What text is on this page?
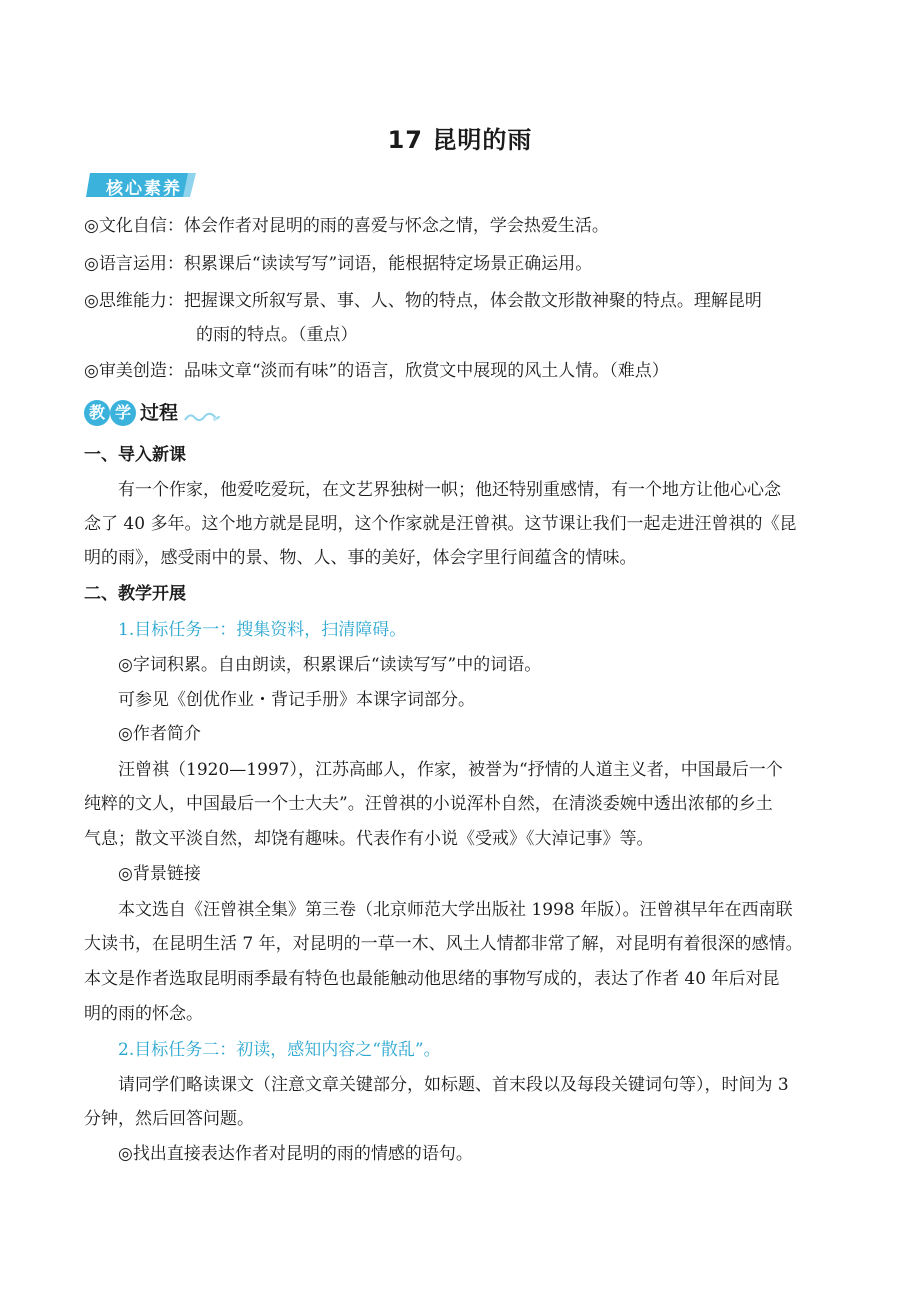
17 昆明的雨
核心素养
◎文化自信：体会作者对昆明的雨的喜爱与怀念之情，学会热爱生活。
◎语言运用：积累课后“读读写写”词语，能根据特定场景正确运用。
◎思维能力：把握课文所叙写景、事、人、物的特点，体会散文形散神聚的特点。理解昆明
的雨的特点。（重点）
◎审美创造：品味文章“淡而有味”的语言，欣赏文中展现的风土人情。（难点）
教 学 过程
一、导入新课
有一个作家，他爱吃爱玩，在文艺界独树一帜；他还特别重感情，有一个地方让他心心念
念了 40 多年。这个地方就是昆明，这个作家就是汪曾祺。这节课让我们一起走进汪曾祺的《昆
明的雨》，感受雨中的景、物、人、事的美好，体会字里行间蕴含的情味。
二、教学开展
1.目标任务一：搜集资料，扫清障碍。
◎字词积累。自由朗读，积累课后“读读写写”中的词语。
可参见《创优作业・背记手册》本课字词部分。
◎作者简介
汪曾祺（1920—1997），江苏高邮人，作家，被誉为“抒情的人道主义者，中国最后一个
纯粹的文人，中国最后一个士大夫”。汪曾祺的小说浑朴自然，在清淡委婉中透出浓郁的乡土
气息；散文平淡自然，却饶有趣味。代表作有小说《受戒》《大淖记事》等。
◎背景链接
本文选自《汪曾祺全集》第三卷（北京师范大学出版社 1998 年版）。汪曾祺早年在西南联
大读书，在昆明生活 7 年，对昆明的一草一木、风土人情都非常了解，对昆明有着很深的感情。
本文是作者选取昆明雨季最有特色也最能触动他思绪的事物写成的，表达了作者 40 年后对昆
明的雨的怀念。
2.目标任务二：初读，感知内容之“散乱”。
请同学们略读课文（注意文章关键部分，如标题、首末段以及每段关键词句等），时间为 3
分钟，然后回答问题。
◎找出直接表达作者对昆明的雨的情感的语句。
